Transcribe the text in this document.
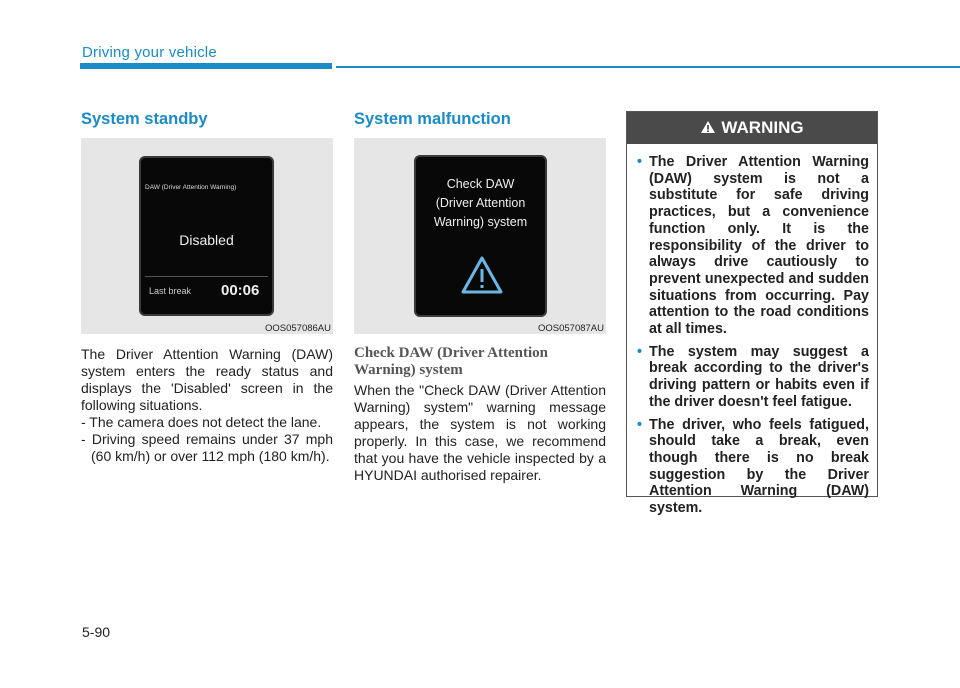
Driving your vehicle
System standby
DAW (Driver Attention Warning)
Disabled
Last break 00:06
OOS057086AU
The Driver Attention Warning (DAW) system enters the ready status and displays the 'Disabled' screen in the following situations.
- The camera does not detect the lane.
- Driving speed remains under 37 mph (60 km/h) or over 112 mph (180 km/h).
System malfunction
Check DAW
(Driver Attention
Warning) system
OOS057087AU
Check DAW (Driver Attention Warning) system
When the "Check DAW (Driver Attention Warning) system" warning message appears, the system is not working properly. In this case, we recommend that you have the vehicle inspected by a HYUNDAI authorised repairer.
WARNING
• The Driver Attention Warning (DAW) system is not a substitute for safe driving practices, but a convenience function only. It is the responsibility of the driver to always drive cautiously to prevent unexpected and sudden situations from occurring. Pay attention to the road conditions at all times.
• The system may suggest a break according to the driver's driving pattern or habits even if the driver doesn't feel fatigue.
• The driver, who feels fatigued, should take a break, even though there is no break suggestion by the Driver Attention Warning (DAW) system.
5-90
